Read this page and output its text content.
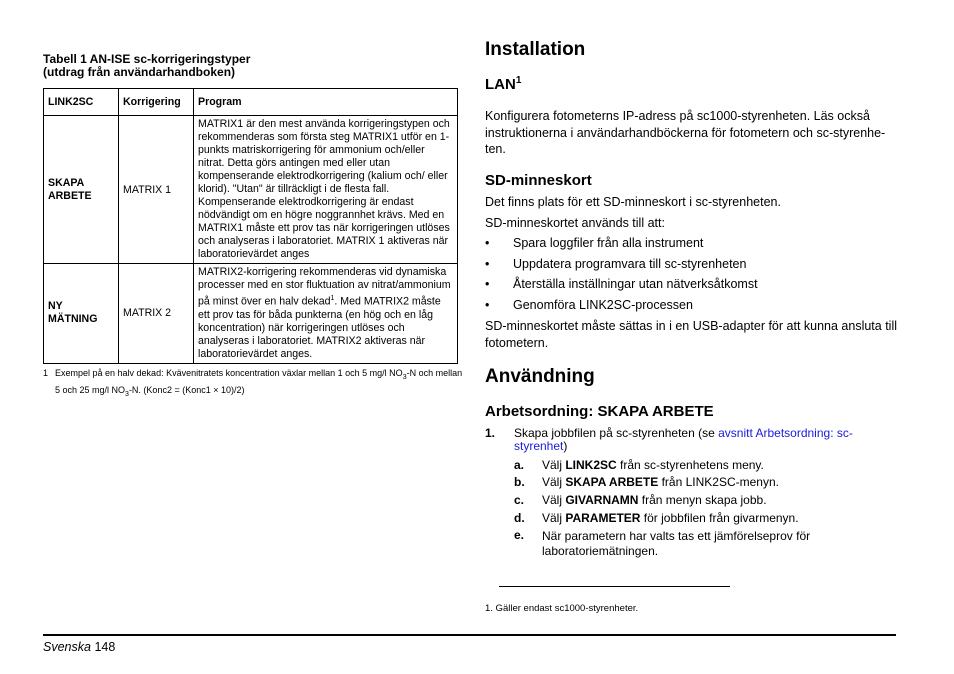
Tabell 1 AN-ISE sc-korrigeringstyper
(utdrag från användarhandboken)
LINK2SC	Korrigering	Program
SKAPA ARBETE	MATRIX 1	MATRIX1 är den mest använda korrigeringstypen och rekommenderas som första steg MATRIX1 utför en 1-punkts matriskorrigering för ammonium och/eller nitrat. Detta görs antingen med eller utan kompenserande elektrodkorrigering (kalium och/ eller klorid). "Utan" är tillräckligt i de flesta fall. Kompenserande elektrodkorrigering är endast nödvändigt om en högre noggrannhet krävs. Med en MATRIX1 måste ett prov tas när korrigeringen utlöses och analyseras i laboratoriet. MATRIX 1 aktiveras när laboratorievärdet anges
NY MÄTNING	MATRIX 2	MATRIX2-korrigering rekommenderas vid dynamiska processer med en stor fluktuation av nitrat/ammonium på minst över en halv dekad$^1$. Med MATRIX2 måste ett prov tas för båda punkterna (en hög och en låg koncentration) när korrigeringen utlöses och analyseras i laboratoriet. MATRIX2 aktiveras när laboratorievärdet anges.
1 Exempel på en halv dekad: Kvävenitratets koncentration växlar mellan 1 och 5 mg/l $NO_3-N$ och mellan 5 och 25 mg/l $NO_3-N$. (Konc2 = (Konc1 × 10)/2)
Installation
LAN$^1$
Konfigurera fotometerns IP-adress på sc1000-styrenheten. Läs också instruktionerna i användarhandböckerna för fotometern och sc-styrenhe- ten.
SD-minneskort
Det finns plats för ett SD-minneskort i sc-styrenheten.
SD-minneskortet används till att:
• Spara loggfiler från alla instrument
• Uppdatera programvara till sc-styrenheten
• Återställa inställningar utan nätverksåtkomst
• Genomföra LINK2SC-processen
SD-minneskortet måste sättas in i en USB-adapter för att kunna ansluta till fotometern.
Användning
Arbetsordning: SKAPA ARBETE
1. Skapa jobbfilen på sc-styrenheten (se avsnitt Arbetsordning: sc-styrenhet)
a. Välj LINK2SC från sc-styrenhetens meny.
b. Välj SKAPA ARBETE från LINK2SC-menyn.
c. Välj GIVARNAMN från menyn skapa jobb.
d. Välj PARAMETER för jobbfilen från givarmenyn.
e. När parametern har valts tas ett jämförelseprov för laboratoriemätningen.
1. Gäller endast sc1000-styrenheter.
Svenska 148
